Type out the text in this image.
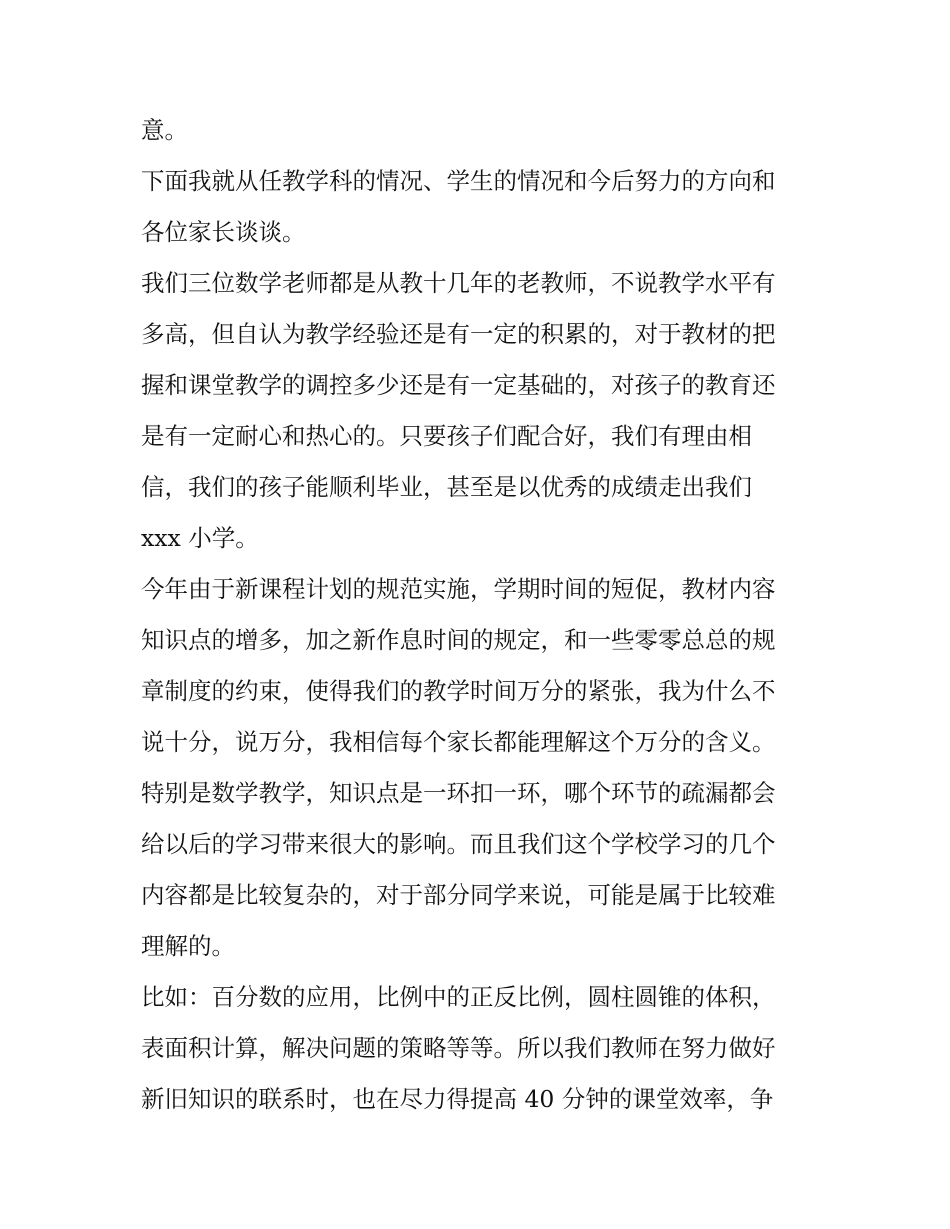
意。
下面我就从任教学科的情况、学生的情况和今后努力的方向和
各位家长谈谈。
我们三位数学老师都是从教十几年的老教师，不说教学水平有
多高，但自认为教学经验还是有一定的积累的，对于教材的把
握和课堂教学的调控多少还是有一定基础的，对孩子的教育还
是有一定耐心和热心的。只要孩子们配合好，我们有理由相
信，我们的孩子能顺利毕业，甚至是以优秀的成绩走出我们
xxx 小学。
今年由于新课程计划的规范实施，学期时间的短促，教材内容
知识点的增多，加之新作息时间的规定，和一些零零总总的规
章制度的约束，使得我们的教学时间万分的紧张，我为什么不
说十分，说万分，我相信每个家长都能理解这个万分的含义。
特别是数学教学，知识点是一环扣一环，哪个环节的疏漏都会
给以后的学习带来很大的影响。而且我们这个学校学习的几个
内容都是比较复杂的，对于部分同学来说，可能是属于比较难
理解的。
比如：百分数的应用，比例中的正反比例，圆柱圆锥的体积，
表面积计算，解决问题的策略等等。所以我们教师在努力做好
新旧知识的联系时，也在尽力得提高 40 分钟的课堂效率，争
